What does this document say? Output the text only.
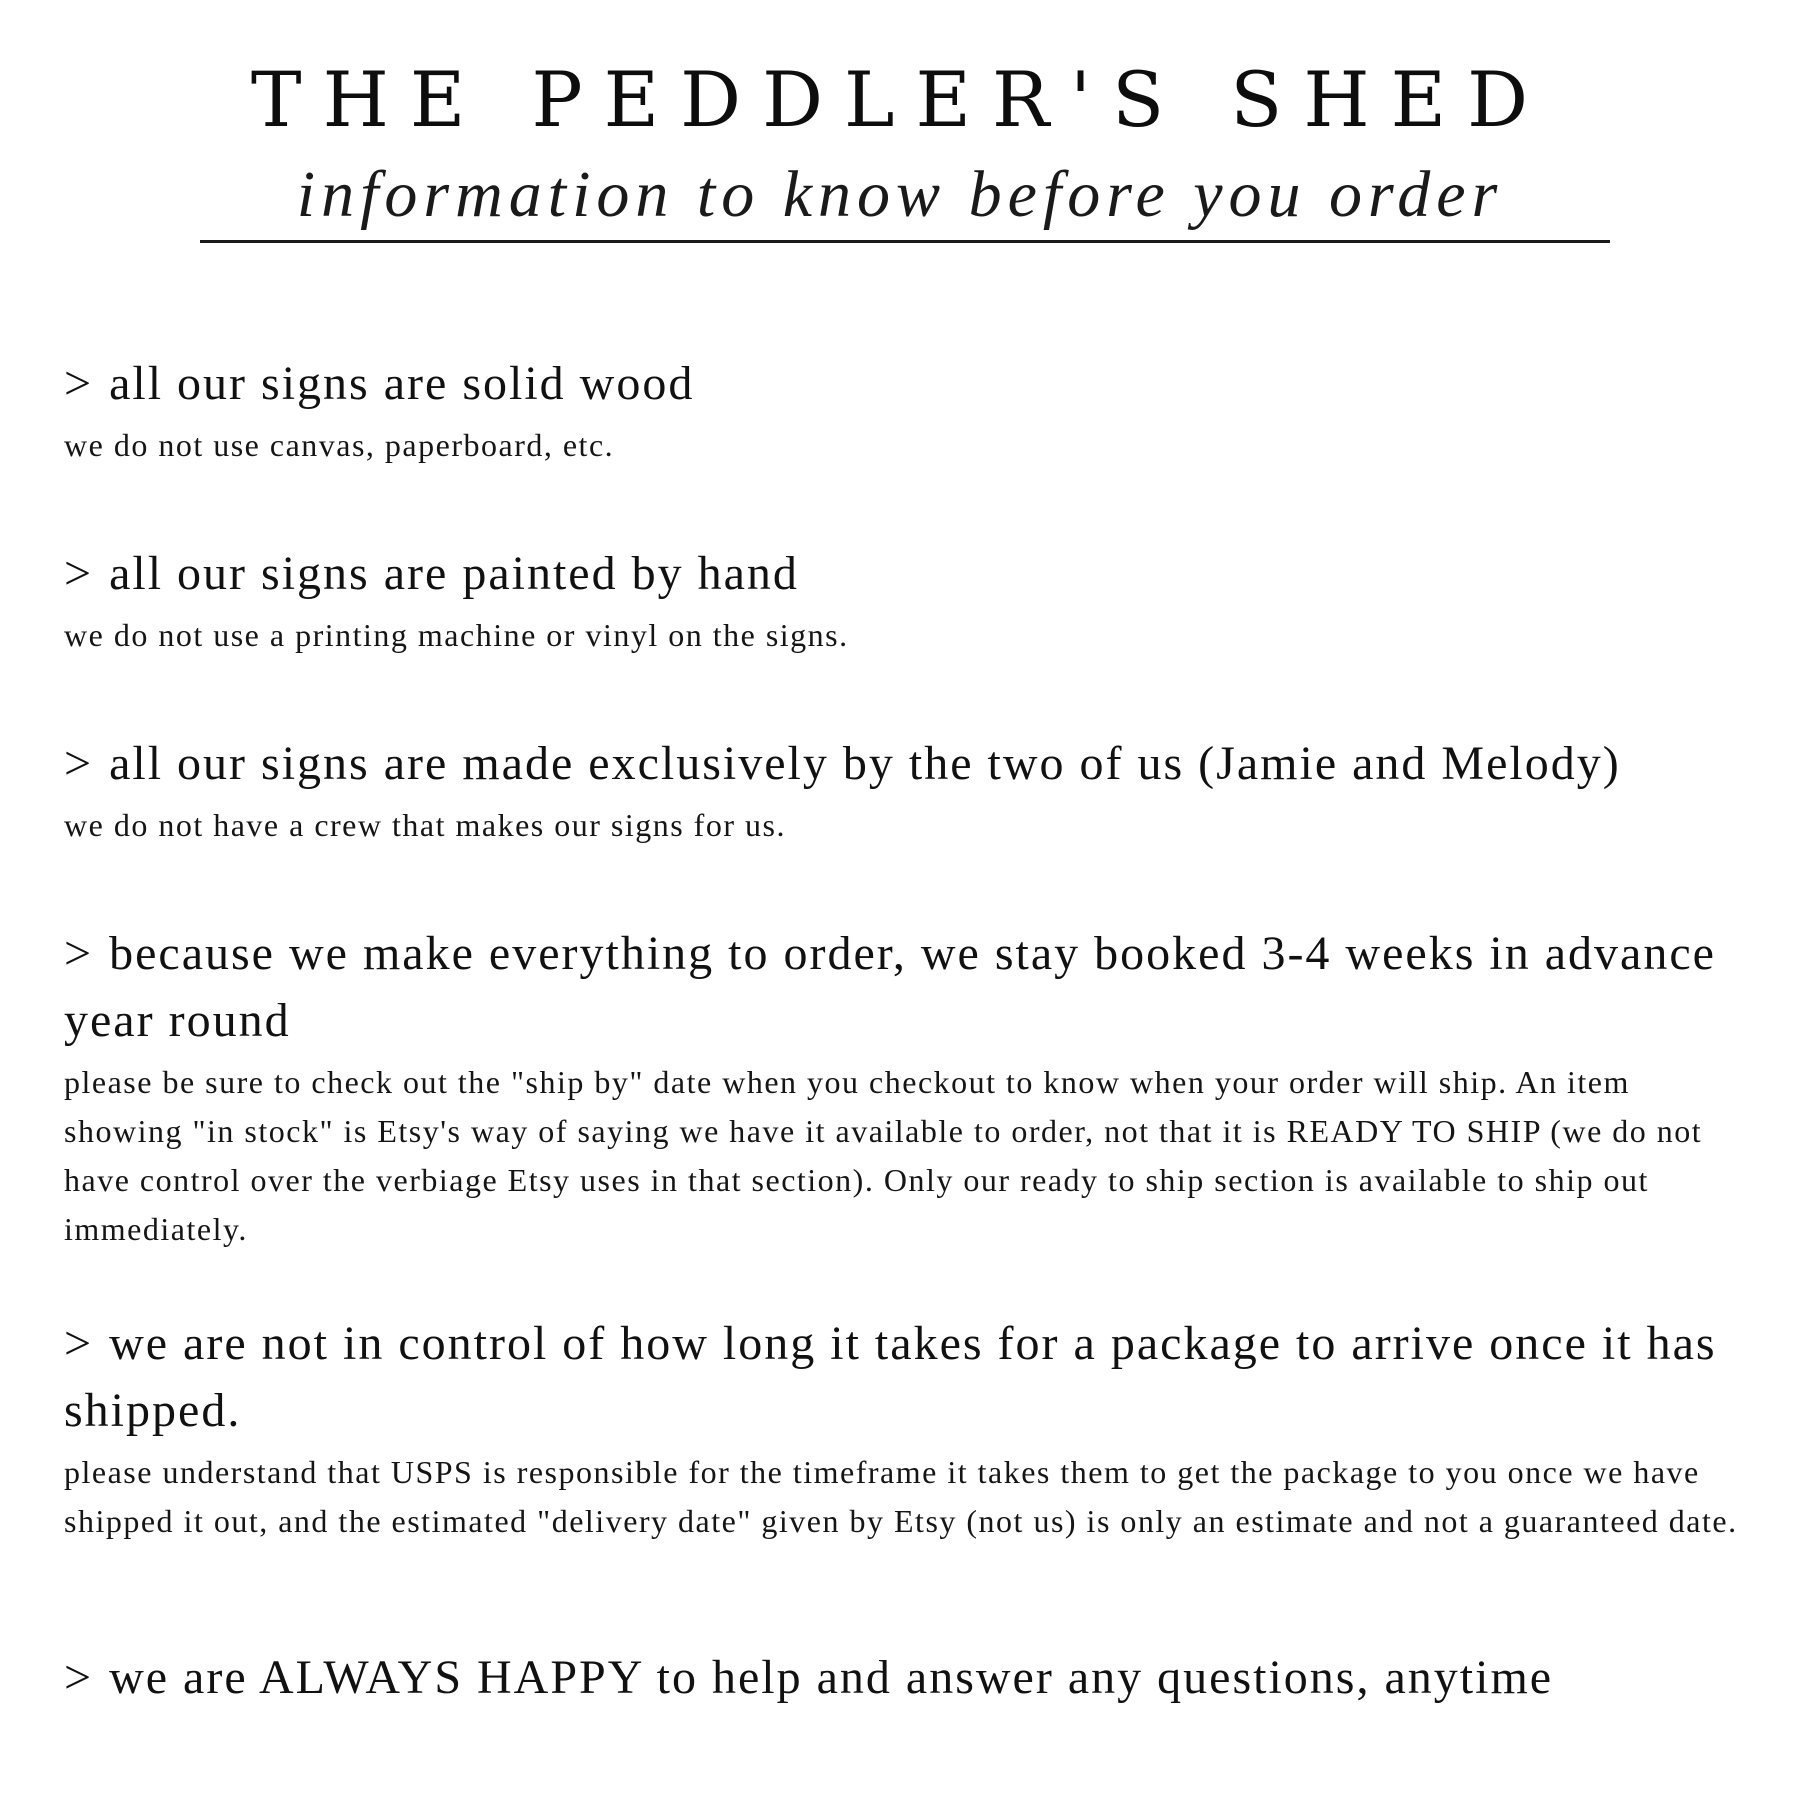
THE PEDDLER'S SHED
information to know before you order
> all our signs are solid wood
we do not use canvas, paperboard, etc.
> all our signs are painted by hand
we do not use a printing machine or vinyl on the signs.
> all our signs are made exclusively by the two of us (Jamie and Melody)
we do not have a crew that makes our signs for us.
> because we make everything to order, we stay booked 3-4 weeks in advance year round
please be sure to check out the "ship by" date when you checkout to know when your order will ship. An item showing "in stock" is Etsy's way of saying we have it available to order, not that it is READY TO SHIP (we do not have control over the verbiage Etsy uses in that section). Only our ready to ship section is available to ship out immediately.
> we are not in control of how long it takes for a package to arrive once it has shipped.
please understand that USPS is responsible for the timeframe it takes them to get the package to you once we have shipped it out, and the estimated "delivery date" given by Etsy (not us) is only an estimate and not a guaranteed date.
> we are ALWAYS HAPPY to help and answer any questions, anytime
